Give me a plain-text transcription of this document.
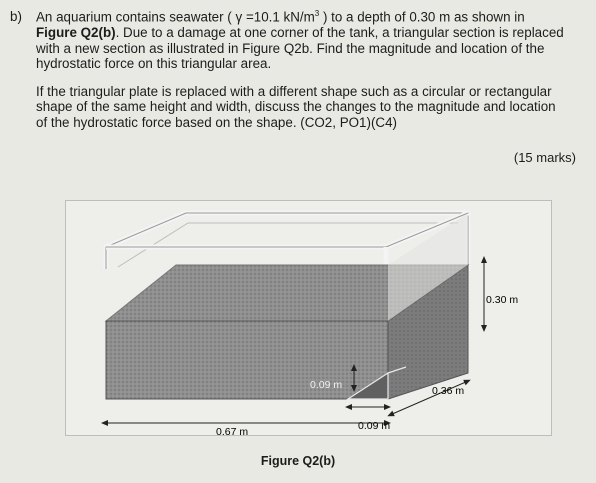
b) An aquarium contains seawater ( γ =10.1 $kN/m^3$ ) to a depth of 0.30 m as shown in
Figure Q2(b). Due to a damage at one corner of the tank, a triangular section is replaced
with a new section as illustrated in Figure Q2b. Find the magnitude and location of the
hydrostatic force on this triangular area.

If the triangular plate is replaced with a different shape such as a circular or rectangular
shape of the same height and width, discuss the changes to the magnitude and location
of the hydrostatic force based on the shape. (CO2, PO1)(C4)

(15 marks)
0.30 m
0.36 m
0.67 m
0.09 m
0.09 m
Figure Q2(b)
